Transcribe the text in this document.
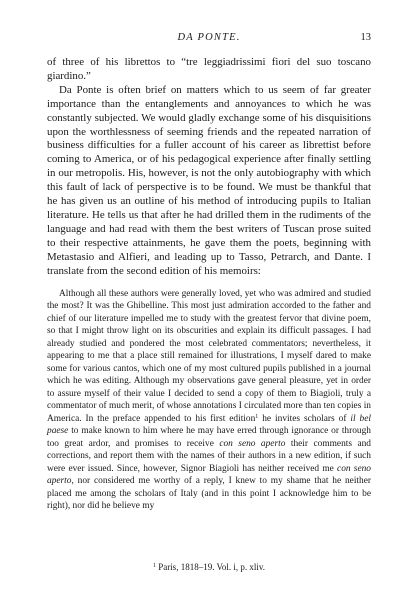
DA PONTE.	13

of three of his librettos to “tre leggiadrissimi fiori del suo toscano giardino.”

Da Ponte is often brief on matters which to us seem of far greater importance than the entanglements and annoyances to which he was constantly subjected. We would gladly exchange some of his disquisitions upon the worthlessness of seeming friends and the repeated narration of business difficulties for a fuller account of his career as librettist before coming to America, or of his pedagogical experience after finally settling in our metropolis. His, however, is not the only autobiography with which this fault of lack of perspective is to be found. We must be thankful that he has given us an outline of his method of introducing pupils to Italian literature. He tells us that after he had drilled them in the rudiments of the language and had read with them the best writers of Tuscan prose suited to their respective attainments, he gave them the poets, beginning with Metastasio and Alfieri, and leading up to Tasso, Petrarch, and Dante. I translate from the second edition of his memoirs:

Although all these authors were generally loved, yet who was admired and studied the most? It was the Ghibelline. This most just admiration accorded to the father and chief of our literature impelled me to study with the greatest fervor that divine poem, so that I might throw light on its obscurities and explain its difficult passages. I had already studied and pondered the most celebrated commentators; nevertheless, it appearing to me that a place still remained for illustrations, I myself dared to make some for various cantos, which one of my most cultured pupils published in a journal which he was editing. Although my observations gave general pleasure, yet in order to assure myself of their value I decided to send a copy of them to Biagioli, truly a commentator of much merit, of whose annotations I circulated more than ten copies in America. In the preface appended to his first edition$^1$ he invites scholars of il bel paese to make known to him where he may have erred through ignorance or through too great ardor, and promises to receive con seno aperto their comments and corrections, and report them with the names of their authors in a new edition, if such were ever issued. Since, however, Signor Biagioli has neither received me con seno aperto, nor considered me worthy of a reply, I knew to my shame that he neither placed me among the scholars of Italy (and in this point I acknowledge him to be right), nor did he believe my

$^1$ Paris, 1818–19. Vol. i, p. xliv.
